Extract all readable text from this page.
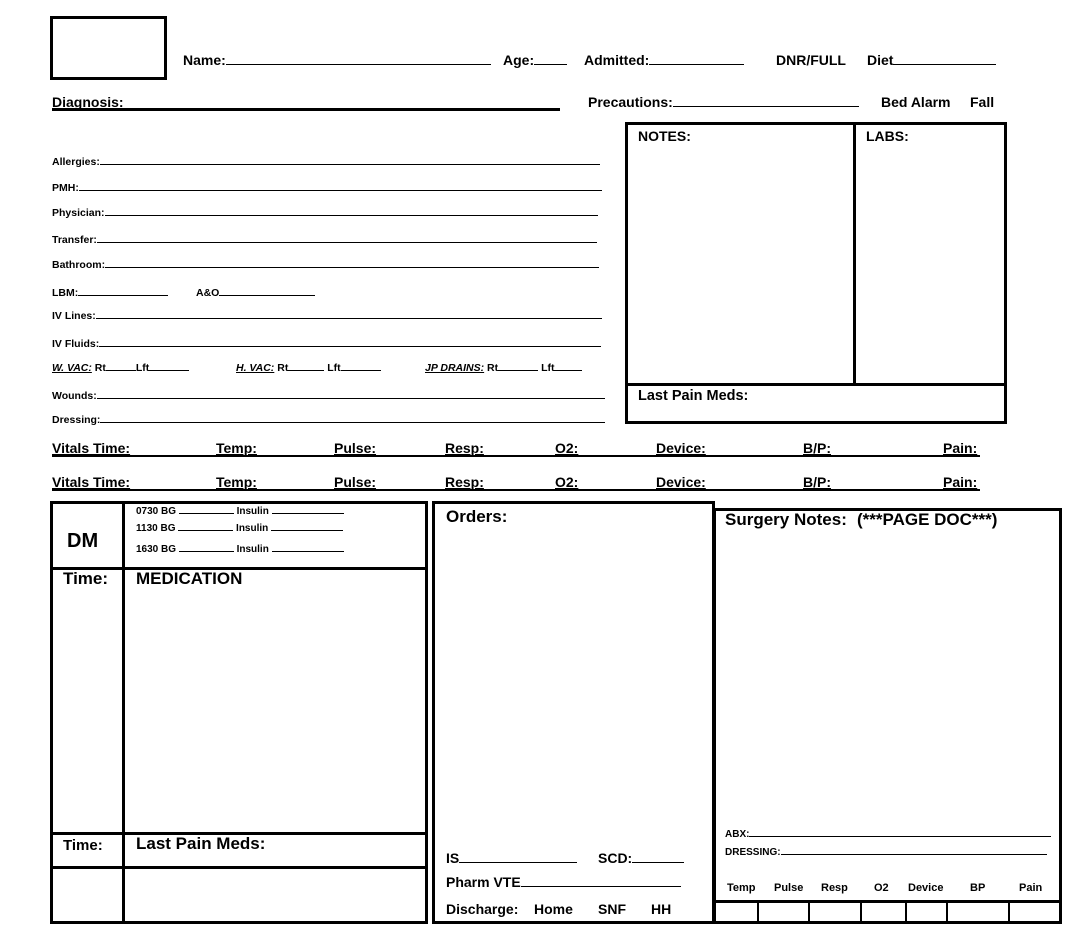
Name:	Age:	Admitted:	DNR/FULL Diet
Diagnosis:	Precautions:	Bed Alarm Fall
Allergies:
PMH:
Physician:
Transfer:
Bathroom:
LBM:	A&O
IV Lines:
IV Fluids:
W. VAC: Rt	Lft	H. VAC: Rt	Lft	JP DRAINS: Rt	Lft
Wounds:
Dressing:
NOTES:	LABS:
Last Pain Meds:
Vitals Time:	Temp:	Pulse:	Resp:	O2:	Device:	B/P:	Pain:
Vitals Time:	Temp:	Pulse:	Resp:	O2:	Device:	B/P:	Pain:
DM
0730 BG	Insulin
1130 BG	Insulin
1630 BG	Insulin
Time: MEDICATION
Time: Last Pain Meds:
Orders:
IS	SCD:
Pharm VTE
Discharge: Home SNF HH
Surgery Notes: (***PAGE DOC***)
ABX:
DRESSING:
Temp Pulse Resp O2 Device BP	Pain
